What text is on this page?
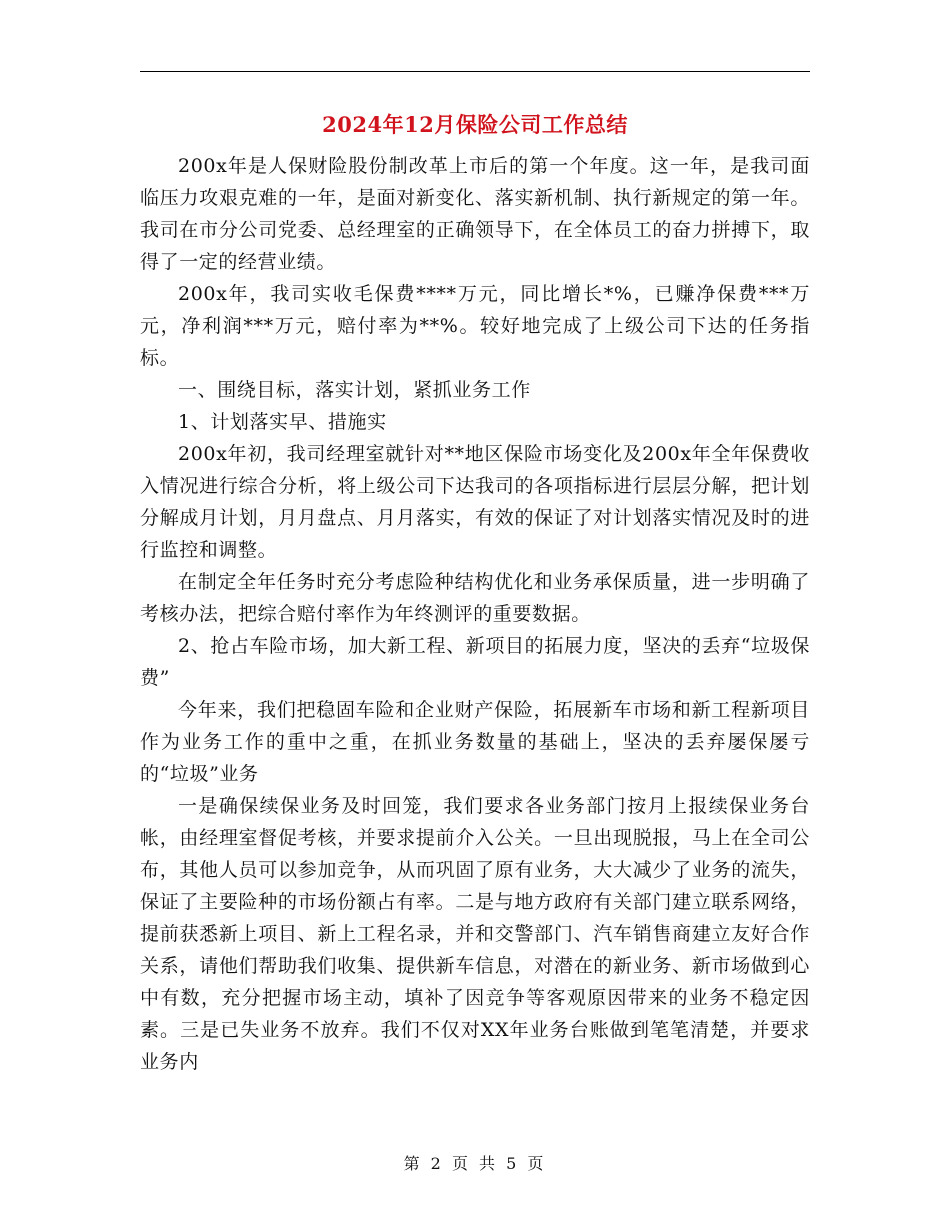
2024年12月保险公司工作总结

200x年是人保财险股份制改革上市后的第一个年度。这一年，是我司面临压力攻艰克难的一年，是面对新变化、落实新机制、执行新规定的第一年。我司在市分公司党委、总经理室的正确领导下，在全体员工的奋力拼搏下，取得了一定的经营业绩。

200x年，我司实收毛保费****万元，同比增长*%，已赚净保费***万元，净利润***万元，赔付率为**%。较好地完成了上级公司下达的任务指标。

一、围绕目标，落实计划，紧抓业务工作

1、计划落实早、措施实

200x年初，我司经理室就针对**地区保险市场变化及200x年全年保费收入情况进行综合分析，将上级公司下达我司的各项指标进行层层分解，把计划分解成月计划，月月盘点、月月落实，有效的保证了对计划落实情况及时的进行监控和调整。

在制定全年任务时充分考虑险种结构优化和业务承保质量，进一步明确了考核办法，把综合赔付率作为年终测评的重要数据。

2、抢占车险市场，加大新工程、新项目的拓展力度，坚决的丢弃“垃圾保费”

今年来，我们把稳固车险和企业财产保险，拓展新车市场和新工程新项目作为业务工作的重中之重，在抓业务数量的基础上，坚决的丢弃屡保屡亏的“垃圾”业务

一是确保续保业务及时回笼，我们要求各业务部门按月上报续保业务台帐，由经理室督促考核，并要求提前介入公关。一旦出现脱报，马上在全司公布，其他人员可以参加竞争，从而巩固了原有业务，大大减少了业务的流失，保证了主要险种的市场份额占有率。二是与地方政府有关部门建立联系网络，提前获悉新上项目、新上工程名录，并和交警部门、汽车销售商建立友好合作关系，请他们帮助我们收集、提供新车信息，对潜在的新业务、新市场做到心中有数，充分把握市场主动，填补了因竞争等客观原因带来的业务不稳定因素。三是已失业务不放弃。我们不仅对XX年业务台账做到笔笔清楚，并要求业务内

第 2 页 共 5 页
